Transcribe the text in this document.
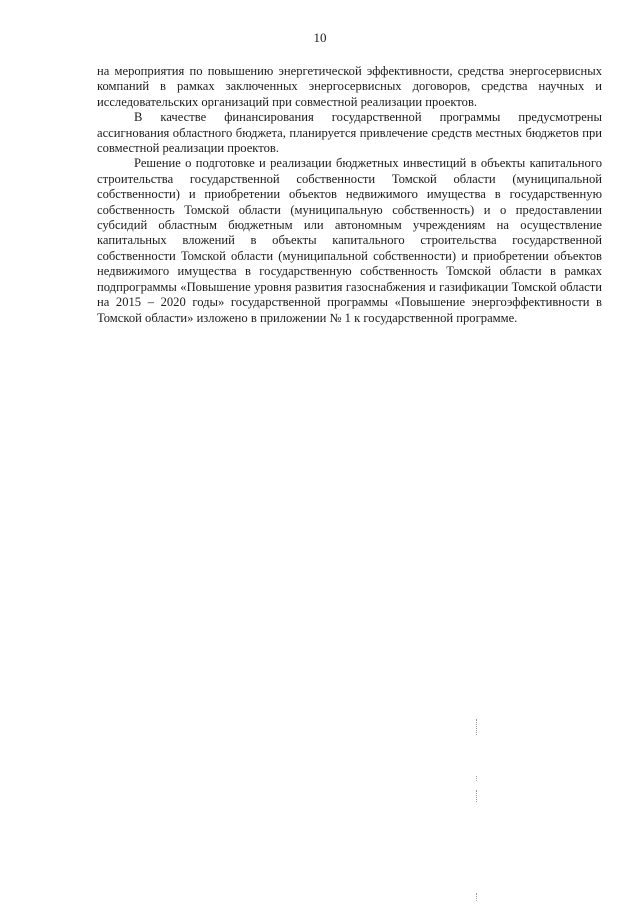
10

на мероприятия по повышению энергетической эффективности, средства энергосервисных компаний в рамках заключенных энергосервисных договоров, средства научных и исследовательских организаций при совместной реализации проектов.

В качестве финансирования государственной программы предусмотрены ассигнования областного бюджета, планируется привлечение средств местных бюджетов при совместной реализации проектов.

Решение о подготовке и реализации бюджетных инвестиций в объекты капитального строительства государственной собственности Томской области (муниципальной собственности) и приобретении объектов недвижимого имущества в государственную собственность Томской области (муниципальную собственность) и о предоставлении субсидий областным бюджетным или автономным учреждениям на осуществление капитальных вложений в объекты капитального строительства государственной собственности Томской области (муниципальной собственности) и приобретении объектов недвижимого имущества в государственную собственность Томской области в рамках подпрограммы «Повышение уровня развития газоснабжения и газификации Томской области на 2015 – 2020 годы» государственной программы «Повышение энергоэффективности в Томской области» изложено в приложении № 1 к государственной программе.
